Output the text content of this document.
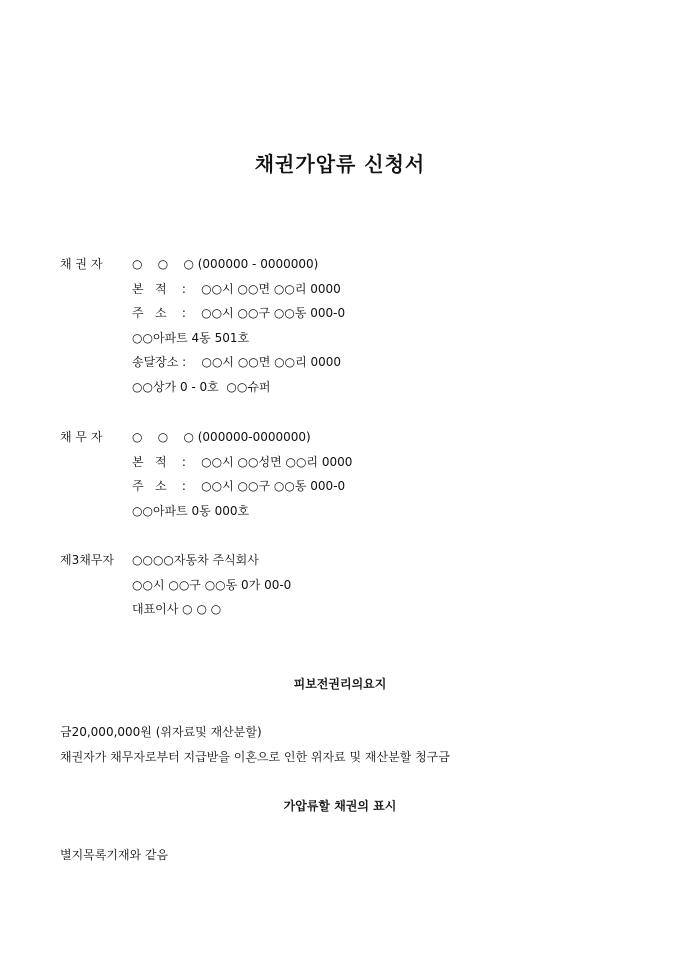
채권가압류 신청서
채 권 자 ○    ○    ○ (000000 - 0000000)
본   적    :    ○○시 ○○면 ○○리 0000
주   소    :    ○○시 ○○구 ○○동 000-0
○○아파트 4동 501호
송달장소 :    ○○시 ○○면 ○○리 0000
○○상가 0 - 0호  ○○슈퍼
채 무 자 ○    ○    ○ (000000-0000000)
본   적    :    ○○시 ○○성면 ○○리 0000
주   소    :    ○○시 ○○구 ○○동 000-0
○○아파트 0동 000호
제3채무자 ○○○○자동차 주식회사
○○시 ○○구 ○○동 0가 00-0
대표이사 ○ ○ ○
피보전권리의요지
금20,000,000원 (위자료및 재산분할)
채권자가 채무자로부터 지급받을 이혼으로 인한 위자료 및 재산분할 청구금
가압류할 채권의 표시
별지목록기재와 같음
